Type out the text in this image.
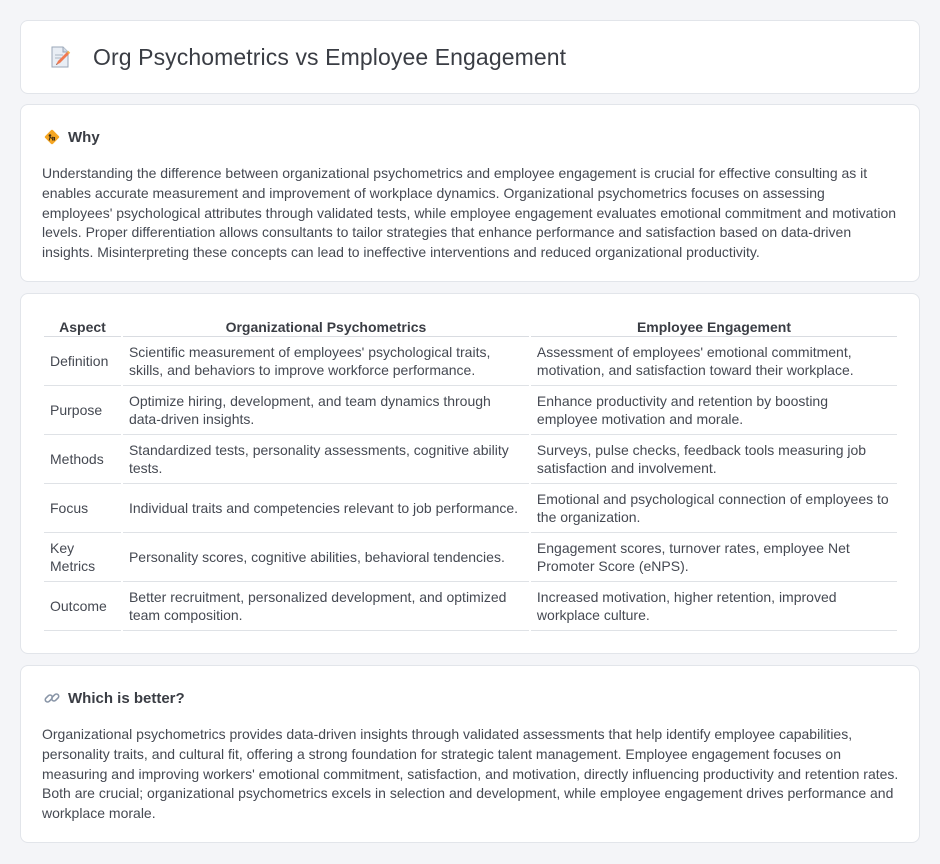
Org Psychometrics vs Employee Engagement
Why

Understanding the difference between organizational psychometrics and employee engagement is crucial for effective consulting as it enables accurate measurement and improvement of workplace dynamics. Organizational psychometrics focuses on assessing employees' psychological attributes through validated tests, while employee engagement evaluates emotional commitment and motivation levels. Proper differentiation allows consultants to tailor strategies that enhance performance and satisfaction based on data-driven insights. Misinterpreting these concepts can lead to ineffective interventions and reduced organizational productivity.

Aspect	Organizational Psychometrics	Employee Engagement
Definition	Scientific measurement of employees' psychological traits, skills, and behaviors to improve workforce performance.	Assessment of employees' emotional commitment, motivation, and satisfaction toward their workplace.
Purpose	Optimize hiring, development, and team dynamics through data-driven insights.	Enhance productivity and retention by boosting employee motivation and morale.
Methods	Standardized tests, personality assessments, cognitive ability tests.	Surveys, pulse checks, feedback tools measuring job satisfaction and involvement.
Focus	Individual traits and competencies relevant to job performance.	Emotional and psychological connection of employees to the organization.
Key Metrics	Personality scores, cognitive abilities, behavioral tendencies.	Engagement scores, turnover rates, employee Net Promoter Score (eNPS).
Outcome	Better recruitment, personalized development, and optimized team composition.	Increased motivation, higher retention, improved workplace culture.
Which is better?

Organizational psychometrics provides data-driven insights through validated assessments that help identify employee capabilities, personality traits, and cultural fit, offering a strong foundation for strategic talent management. Employee engagement focuses on measuring and improving workers' emotional commitment, satisfaction, and motivation, directly influencing productivity and retention rates. Both are crucial; organizational psychometrics excels in selection and development, while employee engagement drives performance and workplace morale.
